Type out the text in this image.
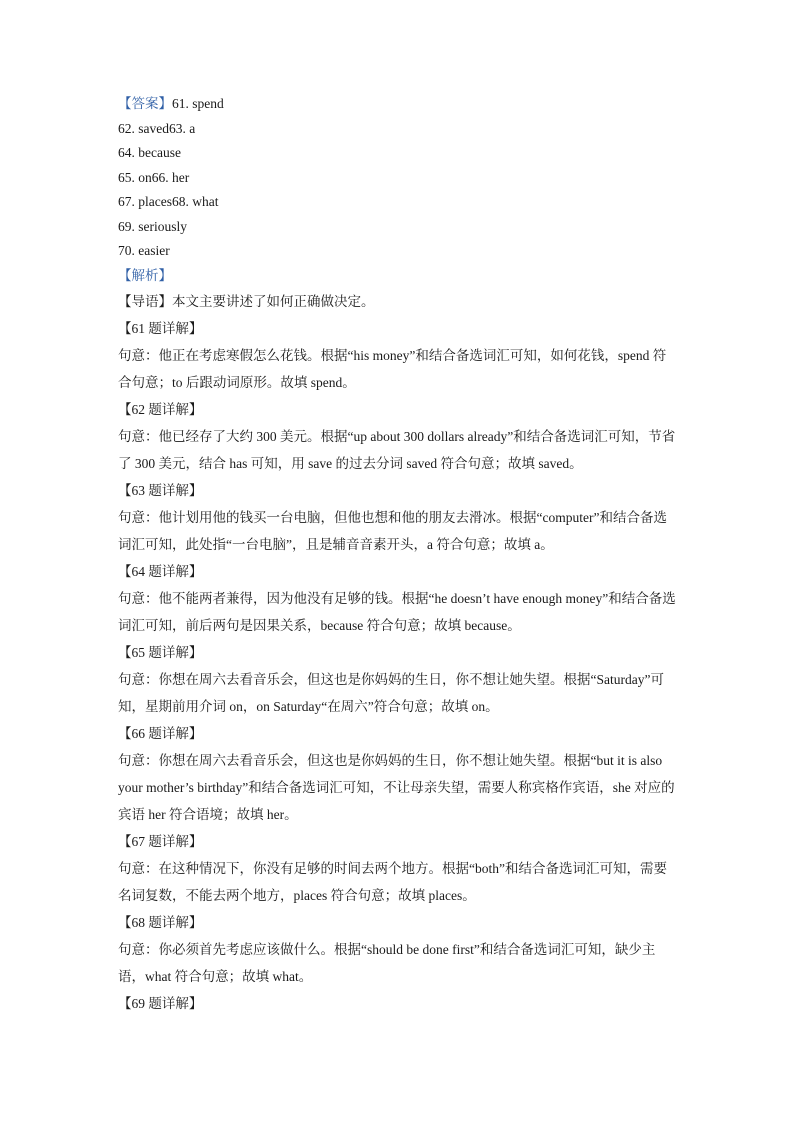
【答案】61. spend
62. saved63. a
64. because
65. on66. her
67. places68. what
69. seriously
70. easier
【解析】
【导语】本文主要讲述了如何正确做决定。
【61 题详解】
句意：他正在考虑寒假怎么花钱。根据“his money”和结合备选词汇可知，如何花钱，spend 符合句意；to 后跟动词原形。故填 spend。
【62 题详解】
句意：他已经存了大约 300 美元。根据“up about 300 dollars already”和结合备选词汇可知，节省了 300 美元，结合 has 可知，用 save 的过去分词 saved 符合句意；故填 saved。
【63 题详解】
句意：他计划用他的钱买一台电脑，但他也想和他的朋友去滑冰。根据“computer”和结合备选词汇可知，此处指“一台电脑”，且是辅音音素开头，a 符合句意；故填 a。
【64 题详解】
句意：他不能两者兼得，因为他没有足够的钱。根据“he doesn’t have enough money”和结合备选词汇可知，前后两句是因果关系，because 符合句意；故填 because。
【65 题详解】
句意：你想在周六去看音乐会，但这也是你妈妈的生日，你不想让她失望。根据“Saturday”可知，星期前用介词 on，on Saturday“在周六”符合句意；故填 on。
【66 题详解】
句意：你想在周六去看音乐会，但这也是你妈妈的生日，你不想让她失望。根据“but it is also your mother’s birthday”和结合备选词汇可知，不让母亲失望，需要人称宾格作宾语，she 对应的宾语 her 符合语境；故填 her。
【67 题详解】
句意：在这种情况下，你没有足够的时间去两个地方。根据“both”和结合备选词汇可知，需要名词复数，不能去两个地方，places 符合句意；故填 places。
【68 题详解】
句意：你必须首先考虑应该做什么。根据“should be done first”和结合备选词汇可知，缺少主语，what 符合句意；故填 what。
【69 题详解】
